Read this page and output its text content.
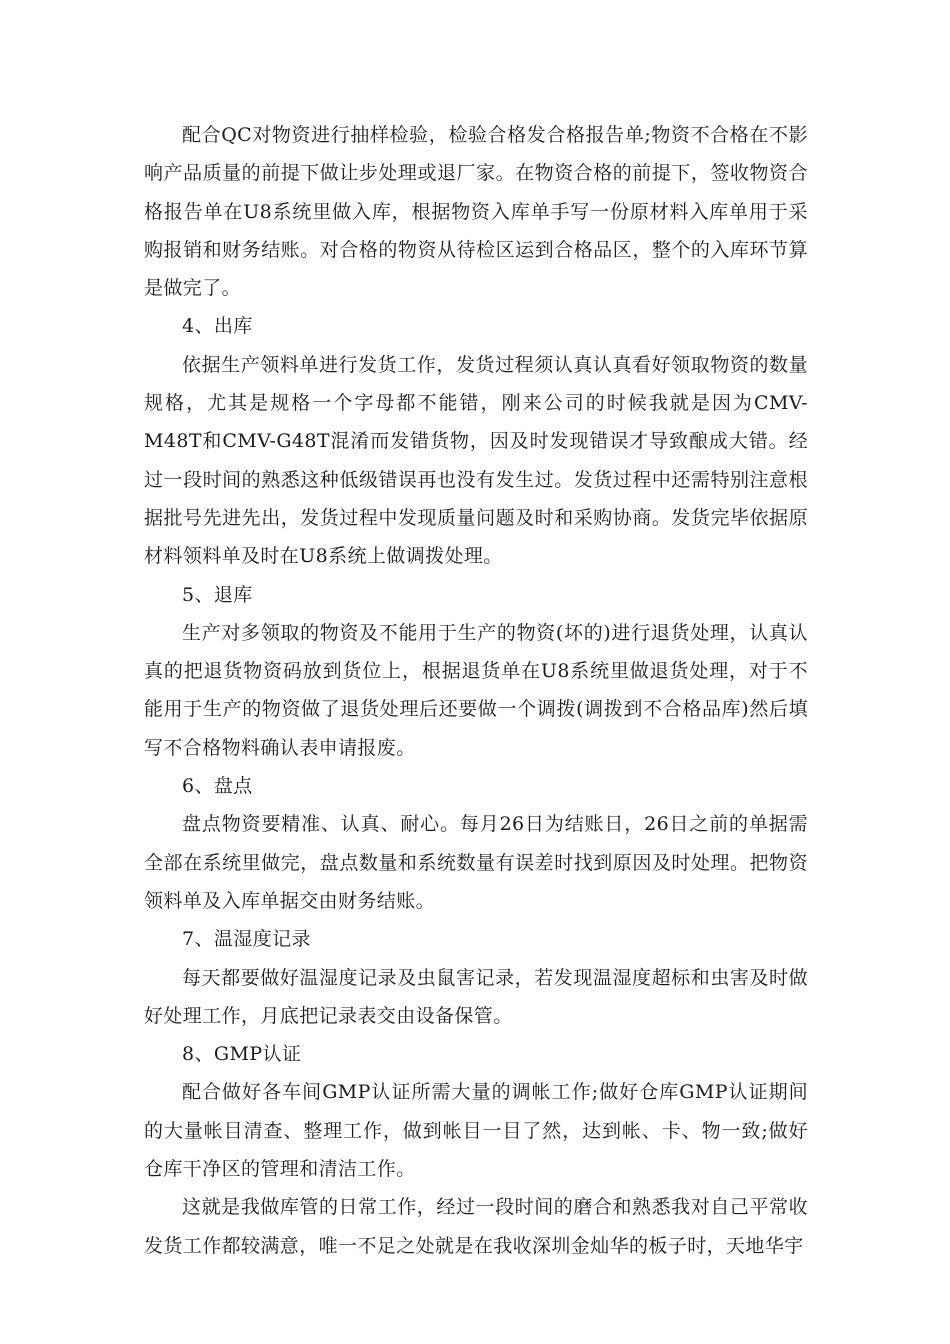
配合QC对物资进行抽样检验，检验合格发合格报告单;物资不合格在不影响产品质量的前提下做让步处理或退厂家。在物资合格的前提下，签收物资合格报告单在U8系统里做入库，根据物资入库单手写一份原材料入库单用于采购报销和财务结账。对合格的物资从待检区运到合格品区，整个的入库环节算是做完了。

4、出库

依据生产领料单进行发货工作，发货过程须认真认真看好领取物资的数量规格，尤其是规格一个字母都不能错，刚来公司的时候我就是因为CMV-M48T和CMV-G48T混淆而发错货物，因及时发现错误才导致酿成大错。经过一段时间的熟悉这种低级错误再也没有发生过。发货过程中还需特别注意根据批号先进先出，发货过程中发现质量问题及时和采购协商。发货完毕依据原材料领料单及时在U8系统上做调拨处理。

5、退库

生产对多领取的物资及不能用于生产的物资(坏的)进行退货处理，认真认真的把退货物资码放到货位上，根据退货单在U8系统里做退货处理，对于不能用于生产的物资做了退货处理后还要做一个调拨(调拨到不合格品库)然后填写不合格物料确认表申请报废。

6、盘点

盘点物资要精准、认真、耐心。每月26日为结账日，26日之前的单据需全部在系统里做完，盘点数量和系统数量有误差时找到原因及时处理。把物资领料单及入库单据交由财务结账。

7、温湿度记录

每天都要做好温湿度记录及虫鼠害记录，若发现温湿度超标和虫害及时做好处理工作，月底把记录表交由设备保管。

8、GMP认证

配合做好各车间GMP认证所需大量的调帐工作;做好仓库GMP认证期间的大量帐目清查、整理工作，做到帐目一目了然，达到帐、卡、物一致;做好仓库干净区的管理和清洁工作。

这就是我做库管的日常工作，经过一段时间的磨合和熟悉我对自己平常收发货工作都较满意，唯一不足之处就是在我收深圳金灿华的板子时，天地华宇
